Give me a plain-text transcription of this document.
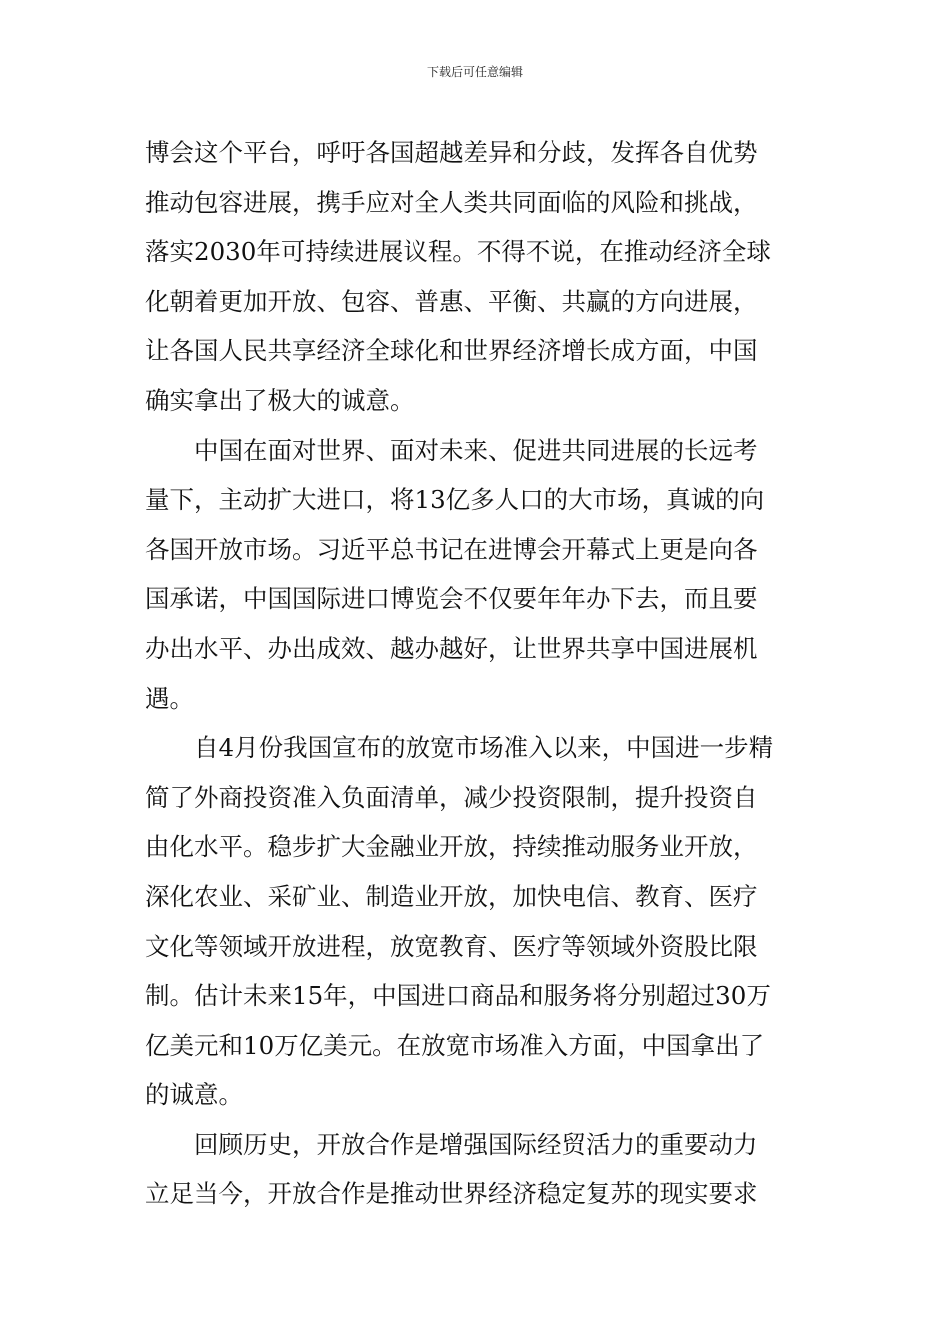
下载后可任意编辑
博会这个平台，呼吁各国超越差异和分歧，发挥各自优势
推动包容进展，携手应对全人类共同面临的风险和挑战，
落实2030年可持续进展议程。不得不说，在推动经济全球
化朝着更加开放、包容、普惠、平衡、共赢的方向进展，
让各国人民共享经济全球化和世界经济增长成方面，中国
确实拿出了极大的诚意。
中国在面对世界、面对未来、促进共同进展的长远考
量下，主动扩大进口，将13亿多人口的大市场，真诚的向
各国开放市场。习近平总书记在进博会开幕式上更是向各
国承诺，中国国际进口博览会不仅要年年办下去，而且要
办出水平、办出成效、越办越好，让世界共享中国进展机
遇。
自4月份我国宣布的放宽市场准入以来，中国进一步精
简了外商投资准入负面清单，减少投资限制，提升投资自
由化水平。稳步扩大金融业开放，持续推动服务业开放，
深化农业、采矿业、制造业开放，加快电信、教育、医疗
文化等领域开放进程，放宽教育、医疗等领域外资股比限
制。估计未来15年，中国进口商品和服务将分别超过30万
亿美元和10万亿美元。在放宽市场准入方面，中国拿出了
的诚意。
回顾历史，开放合作是增强国际经贸活力的重要动力
立足当今，开放合作是推动世界经济稳定复苏的现实要求
